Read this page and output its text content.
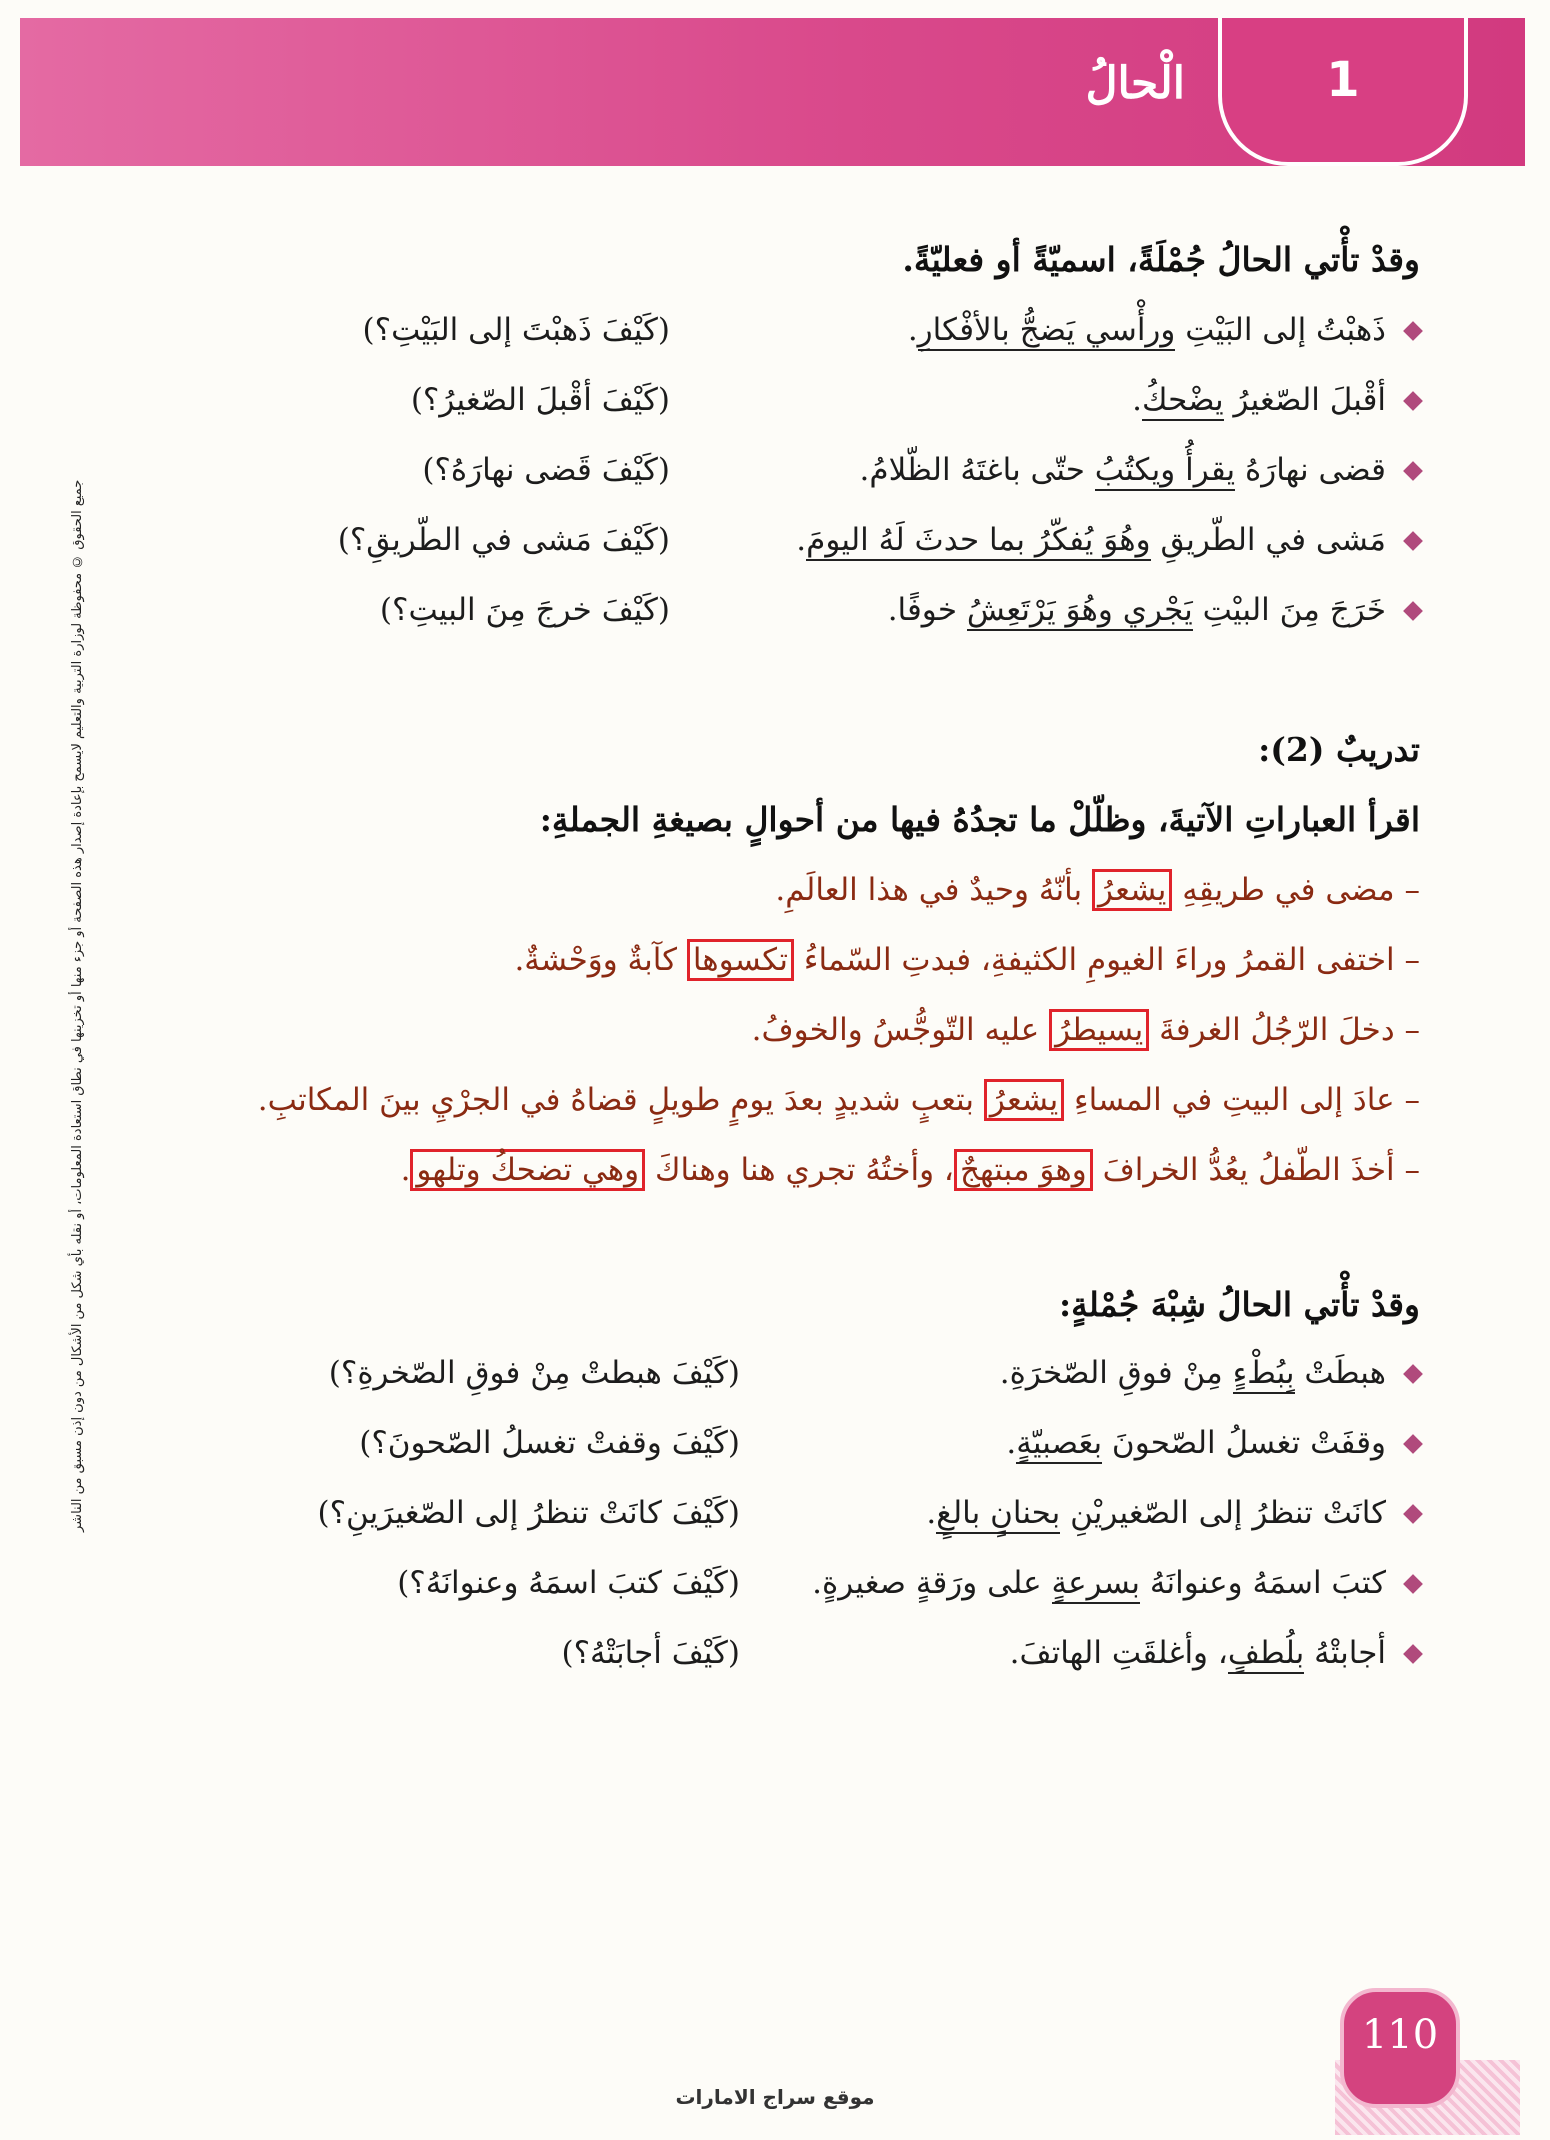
الْحالُ	1
جميع الحقوق © محفوظة لوزارة التربية والتعليم لايسمح بإعادة إصدار هذه الصفحة أو جزء منها أو تخزينها في نطاق استعادة المعلومات، أو نقله بأي شكل من الأشكال من دون إذن مسبق من الناشر
وقدْ تأْتي الحالُ جُمْلَةً، اسميّةً أو فعليّةً.
ذَهبْتُ إلى البَيْتِ ورأْسي يَضجُّ بالأفْكارِ.
(كَيْفَ ذَهبْتَ إلى البَيْتِ؟)
أقْبلَ الصّغيرُ يضْحكُ.
(كَيْفَ أقْبلَ الصّغيرُ؟)
قضى نهارَهُ يقرأُ ويكتُبُ حتّى باغتَهُ الظّلامُ.
(كَيْفَ قَضى نهارَهُ؟)
مَشى في الطّريقِ وهُوَ يُفكّرُ بما حدثَ لَهُ اليومَ.
(كَيْفَ مَشى في الطّريقِ؟)
خَرَجَ مِنَ البيْتِ يَجْري وهُوَ يَرْتَعِشُ خوفًا.
(كَيْفَ خرجَ مِنَ البيتِ؟)
تدريبٌ (2):
اقرأ العباراتِ الآتيةَ، وظلّلْ ما تجدُهُ فيها من أحوالٍ بصيغةِ الجملةِ:
– مضى في طريقِهِ يشعرُ بأنّهُ وحيدٌ في هذا العالَمِ.
– اختفى القمرُ وراءَ الغيومِ الكثيفةِ، فبدتِ السّماءُ تكسوها كآبةٌ ووَحْشةٌ.
– دخلَ الرّجُلُ الغرفةَ يسيطرُ عليه التّوجُّسُ والخوفُ.
– عادَ إلى البيتِ في المساءِ يشعرُ بتعبٍ شديدٍ بعدَ يومٍ طويلٍ قضاهُ في الجرْيِ بينَ المكاتبِ.
– أخذَ الطّفلُ يعُدُّ الخرافَ وهوَ مبتهجٌ، وأختُهُ تجري هنا وهناكَ وهي تضحكُ وتلهو.
وقدْ تأْتي الحالُ شِبْهَ جُمْلةٍ:
هبطَتْ بِبُطْءٍ مِنْ فوقِ الصّخرَةِ.
(كَيْفَ هبطتْ مِنْ فوقِ الصّخرةِ؟)
وقفَتْ تغسلُ الصّحونَ بعَصبيّةٍ.
(كَيْفَ وقفتْ تغسلُ الصّحونَ؟)
كانَتْ تنظرُ إلى الصّغيريْنِ بحنانٍ بالغٍ.
(كَيْفَ كانَتْ تنظرُ إلى الصّغيرَينِ؟)
كتبَ اسمَهُ وعنوانَهُ بسرعةٍ على ورَقةٍ صغيرةٍ.
(كَيْفَ كتبَ اسمَهُ وعنوانَهُ؟)
أجابتْهُ بلُطفٍ، وأغلقَتِ الهاتفَ.
(كَيْفَ أجابَتْهُ؟)
110
موقع سراج الامارات
